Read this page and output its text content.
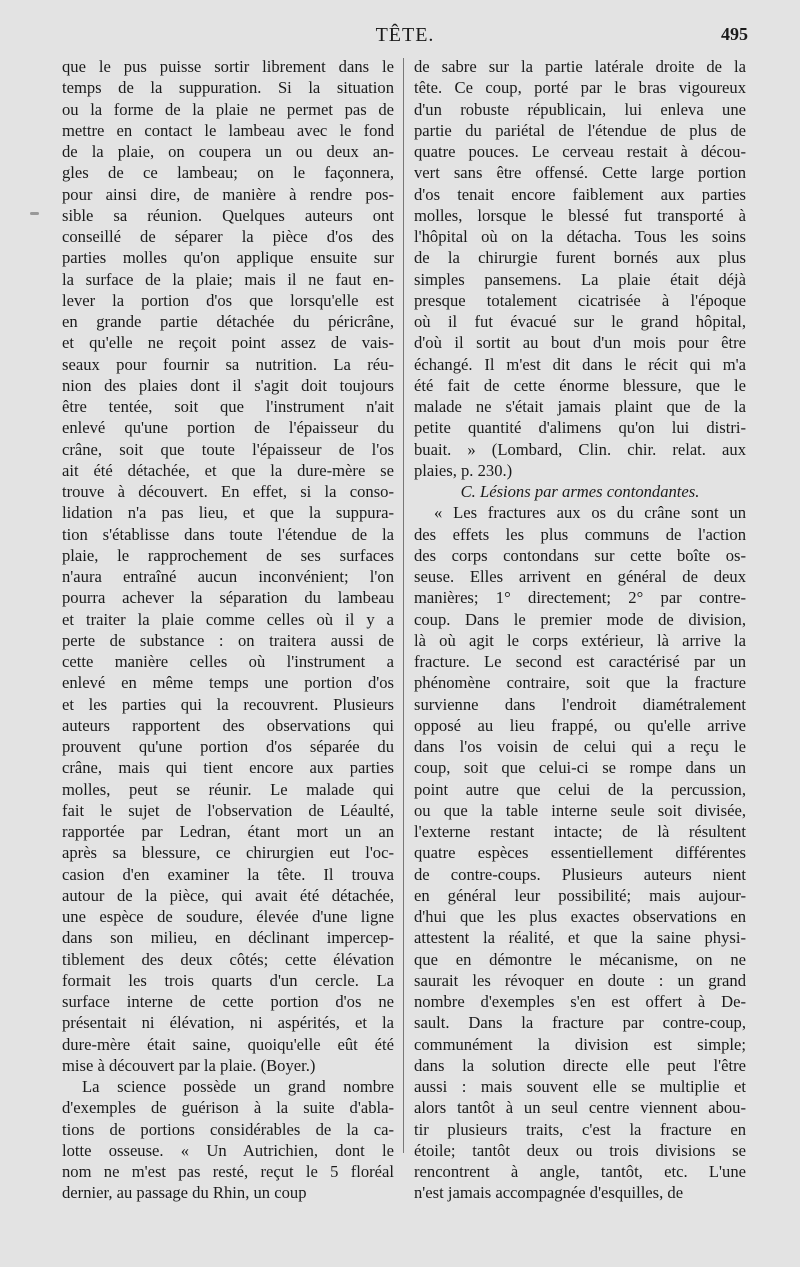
TÊTE.	495
que le pus puisse sortir librement dans le
temps de la suppuration. Si la situation
ou la forme de la plaie ne permet pas de
mettre en contact le lambeau avec le fond
de la plaie, on coupera un ou deux an-
gles de ce lambeau; on le façonnera,
pour ainsi dire, de manière à rendre pos-
sible sa réunion. Quelques auteurs ont
conseillé de séparer la pièce d'os des
parties molles qu'on applique ensuite sur
la surface de la plaie; mais il ne faut en-
lever la portion d'os que lorsqu'elle est
en grande partie détachée du péricrâne,
et qu'elle ne reçoit point assez de vais-
seaux pour fournir sa nutrition. La réu-
nion des plaies dont il s'agit doit toujours
être tentée, soit que l'instrument n'ait
enlevé qu'une portion de l'épaisseur du
crâne, soit que toute l'épaisseur de l'os
ait été détachée, et que la dure-mère se
trouve à découvert. En effet, si la conso-
lidation n'a pas lieu, et que la suppura-
tion s'établisse dans toute l'étendue de la
plaie, le rapprochement de ses surfaces
n'aura entraîné aucun inconvénient; l'on
pourra achever la séparation du lambeau
et traiter la plaie comme celles où il y a
perte de substance : on traitera aussi de
cette manière celles où l'instrument a
enlevé en même temps une portion d'os
et les parties qui la recouvrent. Plusieurs
auteurs rapportent des observations qui
prouvent qu'une portion d'os séparée du
crâne, mais qui tient encore aux parties
molles, peut se réunir. Le malade qui
fait le sujet de l'observation de Léaulté,
rapportée par Ledran, étant mort un an
après sa blessure, ce chirurgien eut l'oc-
casion d'en examiner la tête. Il trouva
autour de la pièce, qui avait été détachée,
une espèce de soudure, élevée d'une ligne
dans son milieu, en déclinant impercep-
tiblement des deux côtés; cette élévation
formait les trois quarts d'un cercle. La
surface interne de cette portion d'os ne
présentait ni élévation, ni aspérités, et la
dure-mère était saine, quoiqu'elle eût été
mise à découvert par la plaie. (Boyer.)
La science possède un grand nombre
d'exemples de guérison à la suite d'abla-
tions de portions considérables de la ca-
lotte osseuse. « Un Autrichien, dont le
nom ne m'est pas resté, reçut le 5 floréal
dernier, au passage du Rhin, un coup
de sabre sur la partie latérale droite de la
tête. Ce coup, porté par le bras vigoureux
d'un robuste républicain, lui enleva une
partie du pariétal de l'étendue de plus de
quatre pouces. Le cerveau restait à décou-
vert sans être offensé. Cette large portion
d'os tenait encore faiblement aux parties
molles, lorsque le blessé fut transporté à
l'hôpital où on la détacha. Tous les soins
de la chirurgie furent bornés aux plus
simples pansemens. La plaie était déjà
presque totalement cicatrisée à l'époque
où il fut évacué sur le grand hôpital,
d'où il sortit au bout d'un mois pour être
échangé. Il m'est dit dans le récit qui m'a
été fait de cette énorme blessure, que le
malade ne s'était jamais plaint que de la
petite quantité d'alimens qu'on lui distri-
buait. » (Lombard, Clin. chir. relat. aux
plaies, p. 230.)
C. Lésions par armes contondantes.
« Les fractures aux os du crâne sont un
des effets les plus communs de l'action
des corps contondans sur cette boîte os-
seuse. Elles arrivent en général de deux
manières; 1° directement; 2° par contre-
coup. Dans le premier mode de division,
là où agit le corps extérieur, là arrive la
fracture. Le second est caractérisé par un
phénomène contraire, soit que la fracture
survienne dans l'endroit diamétralement
opposé au lieu frappé, ou qu'elle arrive
dans l'os voisin de celui qui a reçu le
coup, soit que celui-ci se rompe dans un
point autre que celui de la percussion,
ou que la table interne seule soit divisée,
l'externe restant intacte; de là résultent
quatre espèces essentiellement différentes
de contre-coups. Plusieurs auteurs nient
en général leur possibilité; mais aujour-
d'hui que les plus exactes observations en
attestent la réalité, et que la saine physi-
que en démontre le mécanisme, on ne
saurait les révoquer en doute : un grand
nombre d'exemples s'en est offert à De-
sault. Dans la fracture par contre-coup,
communément la division est simple;
dans la solution directe elle peut l'être
aussi : mais souvent elle se multiplie et
alors tantôt à un seul centre viennent abou-
tir plusieurs traits, c'est la fracture en
étoile; tantôt deux ou trois divisions se
rencontrent à angle, tantôt, etc. L'une
n'est jamais accompagnée d'esquilles, de
